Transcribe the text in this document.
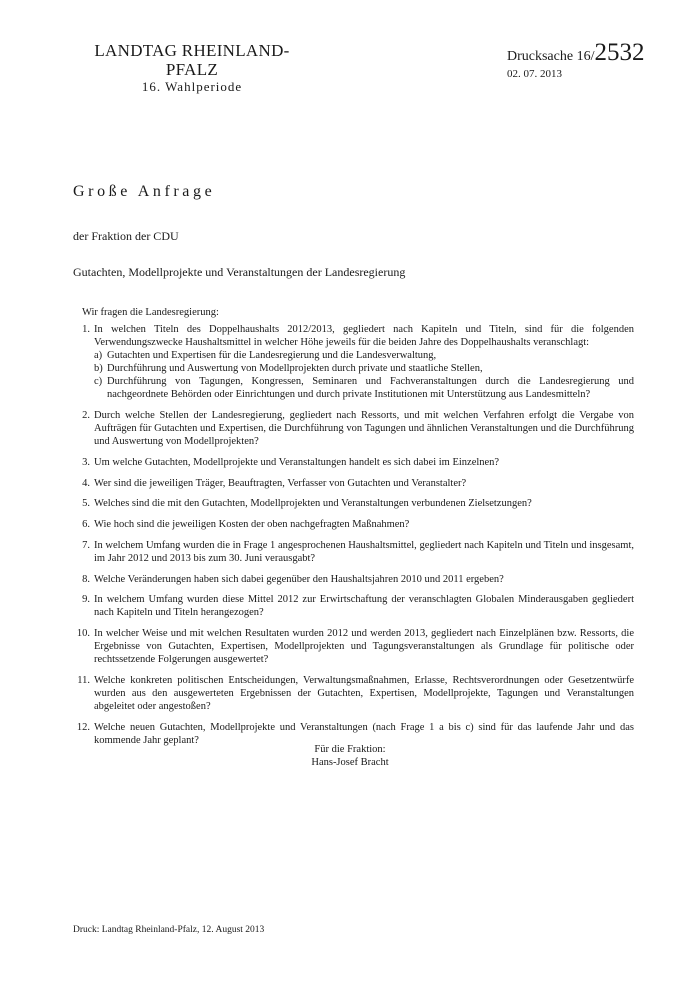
LANDTAG RHEINLAND-PFALZ
16. Wahlperiode
Drucksache 16/2532
02. 07. 2013
Große Anfrage
der Fraktion der CDU
Gutachten, Modellprojekte und Veranstaltungen der Landesregierung
Wir fragen die Landesregierung:
1. In welchen Titeln des Doppelhaushalts 2012/2013, gegliedert nach Kapiteln und Titeln, sind für die folgenden Verwendungszwecke Haushaltsmittel in welcher Höhe jeweils für die beiden Jahre des Doppelhaushalts veranschlagt:
a) Gutachten und Expertisen für die Landesregierung und die Landesverwaltung,
b) Durchführung und Auswertung von Modellprojekten durch private und staatliche Stellen,
c) Durchführung von Tagungen, Kongressen, Seminaren und Fachveranstaltungen durch die Landesregierung und nachgeordnete Behörden oder Einrichtungen und durch private Institutionen mit Unterstützung aus Landesmitteln?
2. Durch welche Stellen der Landesregierung, gegliedert nach Ressorts, und mit welchen Verfahren erfolgt die Vergabe von Aufträgen für Gutachten und Expertisen, die Durchführung von Tagungen und ähnlichen Veranstaltungen und die Durchführung und Auswertung von Modellprojekten?
3. Um welche Gutachten, Modellprojekte und Veranstaltungen handelt es sich dabei im Einzelnen?
4. Wer sind die jeweiligen Träger, Beauftragten, Verfasser von Gutachten und Veranstalter?
5. Welches sind die mit den Gutachten, Modellprojekten und Veranstaltungen verbundenen Zielsetzungen?
6. Wie hoch sind die jeweiligen Kosten der oben nachgefragten Maßnahmen?
7. In welchem Umfang wurden die in Frage 1 angesprochenen Haushaltsmittel, gegliedert nach Kapiteln und Titeln und insgesamt, im Jahr 2012 und 2013 bis zum 30. Juni verausgabt?
8. Welche Veränderungen haben sich dabei gegenüber den Haushaltsjahren 2010 und 2011 ergeben?
9. In welchem Umfang wurden diese Mittel 2012 zur Erwirtschaftung der veranschlagten Globalen Minderausgaben gegliedert nach Kapiteln und Titeln herangezogen?
10. In welcher Weise und mit welchen Resultaten wurden 2012 und werden 2013, gegliedert nach Einzelplänen bzw. Ressorts, die Ergebnisse von Gutachten, Expertisen, Modellprojekten und Tagungsveranstaltungen als Grundlage für politische oder rechtssetzende Folgerungen ausgewertet?
11. Welche konkreten politischen Entscheidungen, Verwaltungsmaßnahmen, Erlasse, Rechtsverordnungen oder Gesetzentwürfe wurden aus den ausgewerteten Ergebnissen der Gutachten, Expertisen, Modellprojekte, Tagungen und Veranstaltungen abgeleitet oder angestoßen?
12. Welche neuen Gutachten, Modellprojekte und Veranstaltungen (nach Frage 1 a bis c) sind für das laufende Jahr und das kommende Jahr geplant?
Für die Fraktion:
Hans-Josef Bracht
Druck: Landtag Rheinland-Pfalz, 12. August 2013
